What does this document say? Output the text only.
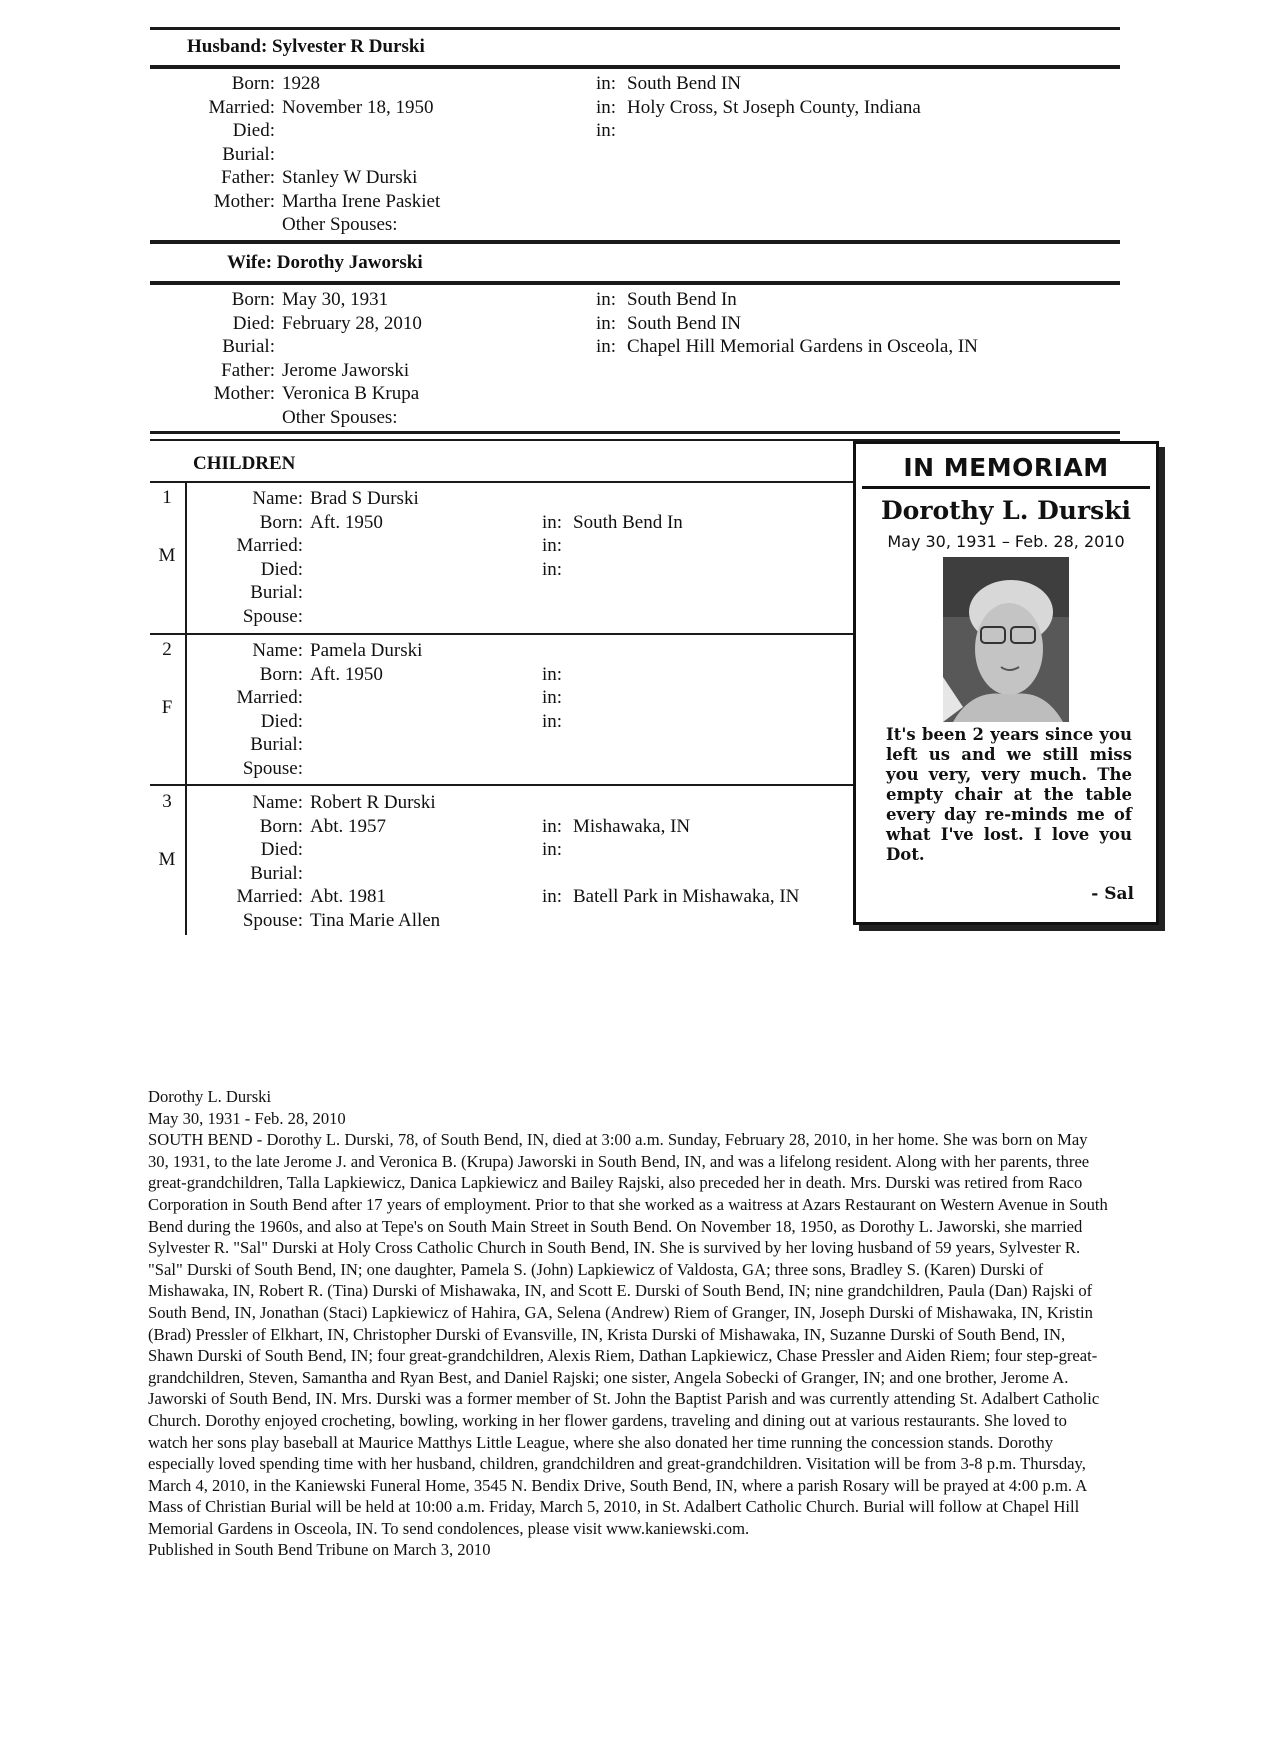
Husband: Sylvester R Durski
Born: 1928	in: South Bend IN
Married: November 18, 1950	in: Holy Cross, St Joseph County, Indiana
Died:	in:
Burial:
Father: Stanley W Durski
Mother: Martha Irene Paskiet
Other Spouses:
Wife: Dorothy Jaworski
Born: May 30, 1931	in: South Bend In
Died: February 28, 2010	in: South Bend IN
Burial:	in: Chapel Hill Memorial Gardens in Osceola, IN
Father: Jerome Jaworski
Mother: Veronica B Krupa
Other Spouses:
CHILDREN
1
M
Name: Brad S Durski
Born: Aft. 1950	in: South Bend In
Married:	in:
Died:	in:
Burial:
Spouse:
2
F
Name: Pamela Durski
Born: Aft. 1950	in:
Married:	in:
Died:	in:
Burial:
Spouse:
3
M
Name: Robert R Durski
Born: Abt. 1957	in: Mishawaka, IN
Died:	in:
Burial:
Married: Abt. 1981	in: Batell Park in Mishawaka, IN
Spouse: Tina Marie Allen
IN MEMORIAM
Dorothy L. Durski
May 30, 1931 – Feb. 28, 2010
It's been 2 years since you left us and we still miss you very, very much. The empty chair at the table every day re-minds me of what I've lost. I love you Dot.
- Sal

Dorothy L. Durski

May 30, 1931 - Feb. 28, 2010

SOUTH BEND - Dorothy L. Durski, 78, of South Bend, IN, died at 3:00 a.m. Sunday, February 28, 2010, in her home. She was born on May 30, 1931, to the late Jerome J. and Veronica B. (Krupa) Jaworski in South Bend, IN, and was a lifelong resident. Along with her parents, three great-grandchildren, Talla Lapkiewicz, Danica Lapkiewicz and Bailey Rajski, also preceded her in death. Mrs. Durski was retired from Raco Corporation in South Bend after 17 years of employment. Prior to that she worked as a waitress at Azars Restaurant on Western Avenue in South Bend during the 1960s, and also at Tepe's on South Main Street in South Bend. On November 18, 1950, as Dorothy L. Jaworski, she married Sylvester R. "Sal" Durski at Holy Cross Catholic Church in South Bend, IN. She is survived by her loving husband of 59 years, Sylvester R. "Sal" Durski of South Bend, IN; one daughter, Pamela S. (John) Lapkiewicz of Valdosta, GA; three sons, Bradley S. (Karen) Durski of Mishawaka, IN, Robert R. (Tina) Durski of Mishawaka, IN, and Scott E. Durski of South Bend, IN; nine grandchildren, Paula (Dan) Rajski of South Bend, IN, Jonathan (Staci) Lapkiewicz of Hahira, GA, Selena (Andrew) Riem of Granger, IN, Joseph Durski of Mishawaka, IN, Kristin (Brad) Pressler of Elkhart, IN, Christopher Durski of Evansville, IN, Krista Durski of Mishawaka, IN, Suzanne Durski of South Bend, IN, Shawn Durski of South Bend, IN; four great-grandchildren, Alexis Riem, Dathan Lapkiewicz, Chase Pressler and Aiden Riem; four step-great-grandchildren, Steven, Samantha and Ryan Best, and Daniel Rajski; one sister, Angela Sobecki of Granger, IN; and one brother, Jerome A. Jaworski of South Bend, IN. Mrs. Durski was a former member of St. John the Baptist Parish and was currently attending St. Adalbert Catholic Church. Dorothy enjoyed crocheting, bowling, working in her flower gardens, traveling and dining out at various restaurants. She loved to watch her sons play baseball at Maurice Matthys Little League, where she also donated her time running the concession stands. Dorothy especially loved spending time with her husband, children, grandchildren and great-grandchildren. Visitation will be from 3-8 p.m. Thursday, March 4, 2010, in the Kaniewski Funeral Home, 3545 N. Bendix Drive, South Bend, IN, where a parish Rosary will be prayed at 4:00 p.m. A Mass of Christian Burial will be held at 10:00 a.m. Friday, March 5, 2010, in St. Adalbert Catholic Church. Burial will follow at Chapel Hill Memorial Gardens in Osceola, IN. To send condolences, please visit www.kaniewski.com.

Published in South Bend Tribune on March 3, 2010
